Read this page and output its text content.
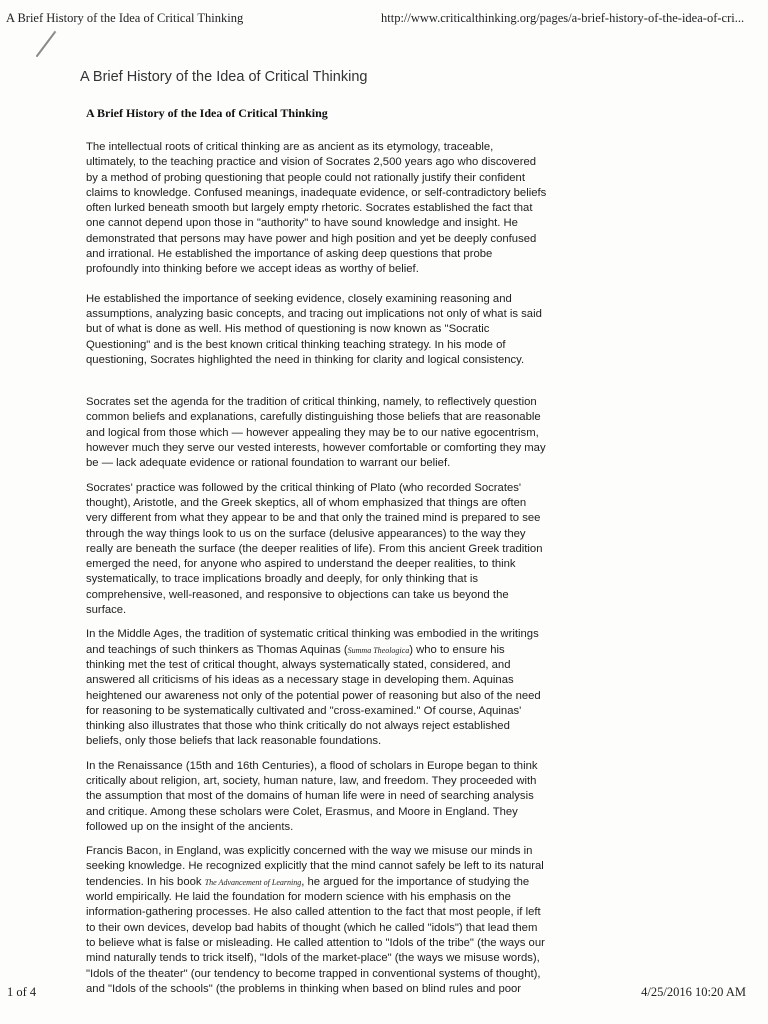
A Brief History of the Idea of Critical Thinking	http://www.criticalthinking.org/pages/a-brief-history-of-the-idea-of-cri...
A Brief History of the Idea of Critical Thinking
A Brief History of the Idea of Critical Thinking

The intellectual roots of critical thinking are as ancient as its etymology, traceable,
ultimately, to the teaching practice and vision of Socrates 2,500 years ago who discovered
by a method of probing questioning that people could not rationally justify their confident
claims to knowledge. Confused meanings, inadequate evidence, or self-contradictory beliefs
often lurked beneath smooth but largely empty rhetoric. Socrates established the fact that
one cannot depend upon those in "authority" to have sound knowledge and insight. He
demonstrated that persons may have power and high position and yet be deeply confused
and irrational. He established the importance of asking deep questions that probe
profoundly into thinking before we accept ideas as worthy of belief.

He established the importance of seeking evidence, closely examining reasoning and
assumptions, analyzing basic concepts, and tracing out implications not only of what is said
but of what is done as well. His method of questioning is now known as "Socratic
Questioning" and is the best known critical thinking teaching strategy. In his mode of
questioning, Socrates highlighted the need in thinking for clarity and logical consistency.

Socrates set the agenda for the tradition of critical thinking, namely, to reflectively question
common beliefs and explanations, carefully distinguishing those beliefs that are reasonable
and logical from those which — however appealing they may be to our native egocentrism,
however much they serve our vested interests, however comfortable or comforting they may
be — lack adequate evidence or rational foundation to warrant our belief.

Socrates' practice was followed by the critical thinking of Plato (who recorded Socrates'
thought), Aristotle, and the Greek skeptics, all of whom emphasized that things are often
very different from what they appear to be and that only the trained mind is prepared to see
through the way things look to us on the surface (delusive appearances) to the way they
really are beneath the surface (the deeper realities of life). From this ancient Greek tradition
emerged the need, for anyone who aspired to understand the deeper realities, to think
systematically, to trace implications broadly and deeply, for only thinking that is
comprehensive, well-reasoned, and responsive to objections can take us beyond the
surface.

In the Middle Ages, the tradition of systematic critical thinking was embodied in the writings
and teachings of such thinkers as Thomas Aquinas (Summa Theologica) who to ensure his
thinking met the test of critical thought, always systematically stated, considered, and
answered all criticisms of his ideas as a necessary stage in developing them. Aquinas
heightened our awareness not only of the potential power of reasoning but also of the need
for reasoning to be systematically cultivated and "cross-examined." Of course, Aquinas'
thinking also illustrates that those who think critically do not always reject established
beliefs, only those beliefs that lack reasonable foundations.

In the Renaissance (15th and 16th Centuries), a flood of scholars in Europe began to think
critically about religion, art, society, human nature, law, and freedom. They proceeded with
the assumption that most of the domains of human life were in need of searching analysis
and critique. Among these scholars were Colet, Erasmus, and Moore in England. They
followed up on the insight of the ancients.

Francis Bacon, in England, was explicitly concerned with the way we misuse our minds in
seeking knowledge. He recognized explicitly that the mind cannot safely be left to its natural
tendencies. In his book The Advancement of Learning, he argued for the importance of studying the
world empirically. He laid the foundation for modern science with his emphasis on the
information-gathering processes. He also called attention to the fact that most people, if left
to their own devices, develop bad habits of thought (which he called "idols") that lead them
to believe what is false or misleading. He called attention to "Idols of the tribe" (the ways our
mind naturally tends to trick itself), "Idols of the market-place" (the ways we misuse words),
"Idols of the theater" (our tendency to become trapped in conventional systems of thought),
and "Idols of the schools" (the problems in thinking when based on blind rules and poor

1 of 4	4/25/2016 10:20 AM
